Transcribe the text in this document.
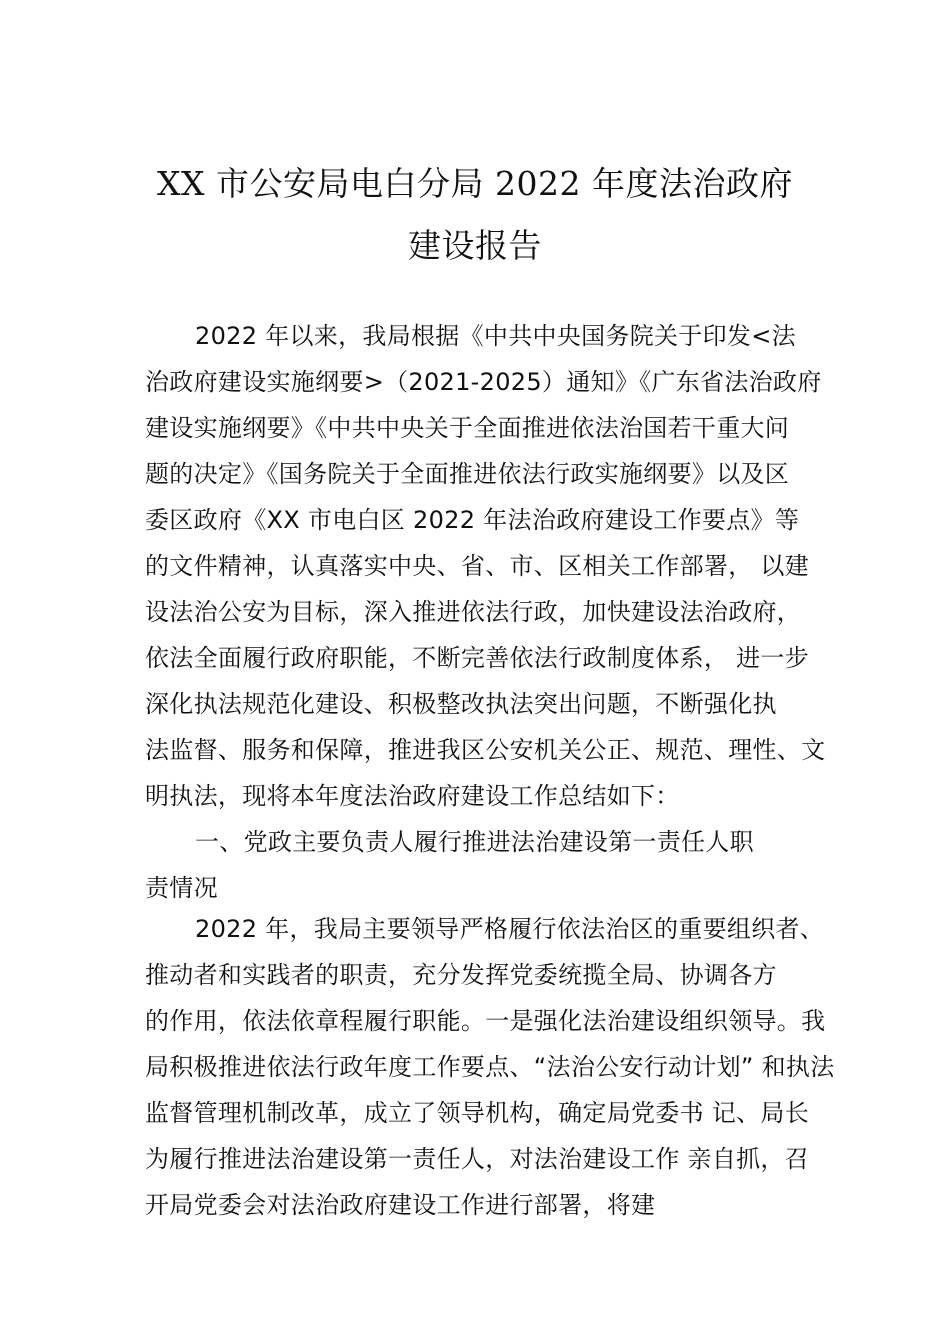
XX 市公安局电白分局 2022 年度法治政府
建设报告
2022 年以来，我局根据《中共中央国务院关于印发<法
治政府建设实施纲要>（2021-2025）通知》《广东省法治政府
建设实施纲要》《中共中央关于全面推进依法治国若干重大问
题的决定》《国务院关于全面推进依法行政实施纲要》以及区
委区政府《XX 市电白区 2022 年法治政府建设工作要点》等
的文件精神，认真落实中央、省、市、区相关工作部署， 以建
设法治公安为目标，深入推进依法行政，加快建设法治政府，
依法全面履行政府职能，不断完善依法行政制度体系， 进一步
深化执法规范化建设、积极整改执法突出问题，不断强化执
法监督、服务和保障，推进我区公安机关公正、规范、理性、文
明执法，现将本年度法治政府建设工作总结如下：
一、党政主要负责人履行推进法治建设第一责任人职
责情况
2022 年，我局主要领导严格履行依法治区的重要组织者、
推动者和实践者的职责，充分发挥党委统揽全局、协调各方
的作用，依法依章程履行职能。一是强化法治建设组织领导。我
局积极推进依法行政年度工作要点、“法治公安行动计划” 和执法
监督管理机制改革，成立了领导机构，确定局党委书 记、局长
为履行推进法治建设第一责任人，对法治建设工作 亲自抓，召
开局党委会对法治政府建设工作进行部署，将建
